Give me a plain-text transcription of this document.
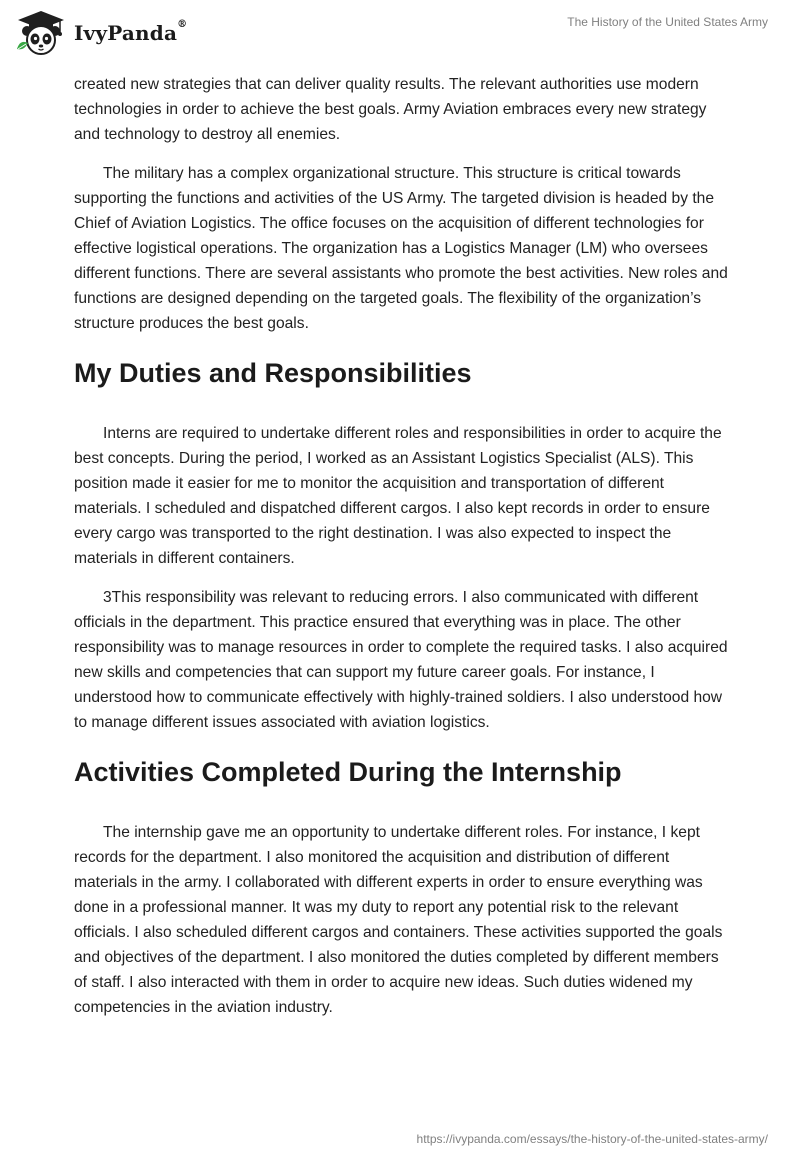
IvyPanda®	The History of the United States Army

created new strategies that can deliver quality results. The relevant authorities use modern technologies in order to achieve the best goals. Army Aviation embraces every new strategy and technology to destroy all enemies.

The military has a complex organizational structure. This structure is critical towards supporting the functions and activities of the US Army. The targeted division is headed by the Chief of Aviation Logistics. The office focuses on the acquisition of different technologies for effective logistical operations. The organization has a Logistics Manager (LM) who oversees different functions. There are several assistants who promote the best activities. New roles and functions are designed depending on the targeted goals. The flexibility of the organization’s structure produces the best goals.

My Duties and Responsibilities

Interns are required to undertake different roles and responsibilities in order to acquire the best concepts. During the period, I worked as an Assistant Logistics Specialist (ALS). This position made it easier for me to monitor the acquisition and transportation of different materials. I scheduled and dispatched different cargos. I also kept records in order to ensure every cargo was transported to the right destination. I was also expected to inspect the materials in different containers.

3This responsibility was relevant to reducing errors. I also communicated with different officials in the department. This practice ensured that everything was in place. The other responsibility was to manage resources in order to complete the required tasks. I also acquired new skills and competencies that can support my future career goals. For instance, I understood how to communicate effectively with highly-trained soldiers. I also understood how to manage different issues associated with aviation logistics.

Activities Completed During the Internship

The internship gave me an opportunity to undertake different roles. For instance, I kept records for the department. I also monitored the acquisition and distribution of different materials in the army. I collaborated with different experts in order to ensure everything was done in a professional manner. It was my duty to report any potential risk to the relevant officials. I also scheduled different cargos and containers. These activities supported the goals and objectives of the department. I also monitored the duties completed by different members of staff. I also interacted with them in order to acquire new ideas. Such duties widened my competencies in the aviation industry.

https://ivypanda.com/essays/the-history-of-the-united-states-army/
